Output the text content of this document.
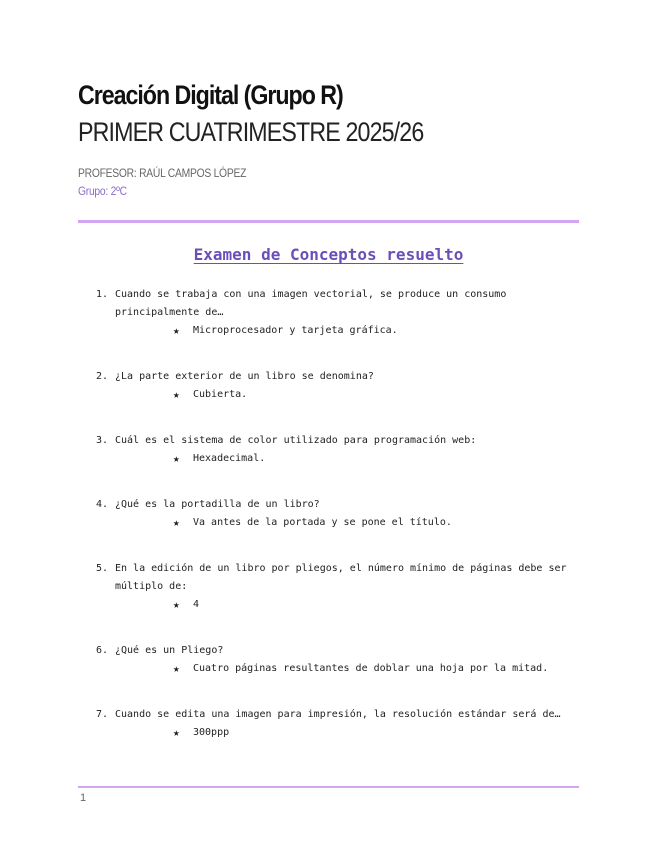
Creación Digital (Grupo R)
PRIMER CUATRIMESTRE 2025/26
PROFESOR: RAÚL CAMPOS LÓPEZ
Grupo: 2ºC
Examen de Conceptos resuelto
1. Cuando se trabaja con una imagen vectorial, se produce un consumo principalmente de…
★	Microprocesador y tarjeta gráfica.
2. ¿La parte exterior de un libro se denomina?
★	Cubierta.
3. Cuál es el sistema de color utilizado para programación web:
★	Hexadecimal.
4. ¿Qué es la portadilla de un libro?
★	Va antes de la portada y se pone el título.
5. En la edición de un libro por pliegos, el número mínimo de páginas debe ser múltiplo de:
★	4
6. ¿Qué es un Pliego?
★	Cuatro páginas resultantes de doblar una hoja por la mitad.
7. Cuando se edita una imagen para impresión, la resolución estándar será de…
★	300ppp
1
